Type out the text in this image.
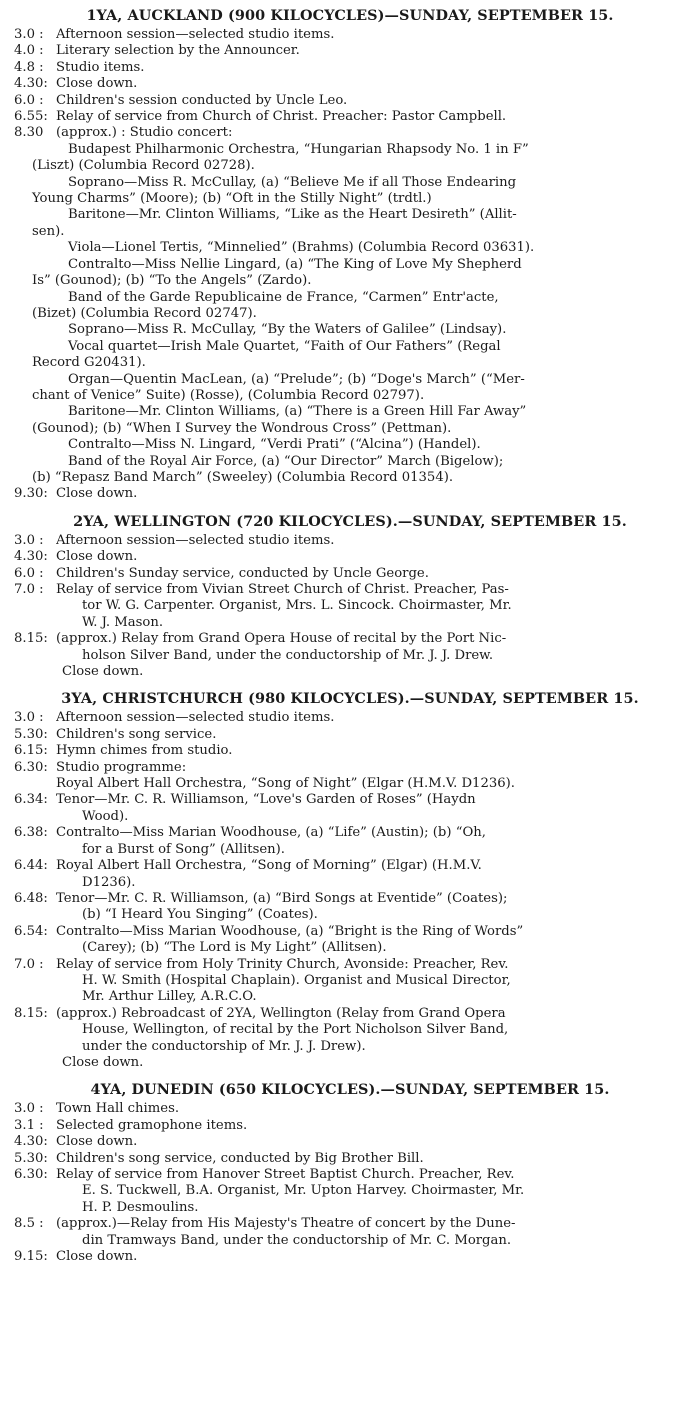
1YA, AUCKLAND (900 KILOCYCLES)—SUNDAY, SEPTEMBER 15.
3.0 : Afternoon session—selected studio items.
4.0 : Literary selection by the Announcer.
4.8 : Studio items.
4.30: Close down.
6.0 : Children's session conducted by Uncle Leo.
6.55: Relay of service from Church of Christ. Preacher: Pastor Campbell.
8.30 (approx.) : Studio concert:
Budapest Philharmonic Orchestra, “Hungarian Rhapsody No. 1 in F”
(Liszt) (Columbia Record 02728).
Soprano—Miss R. McCullay, (a) “Believe Me if all Those Endearing
Young Charms” (Moore); (b) “Oft in the Stilly Night” (trdtl.)
Baritone—Mr. Clinton Williams, “Like as the Heart Desireth” (Allit-
sen).
Viola—Lionel Tertis, “Minnelied” (Brahms) (Columbia Record 03631).
Contralto—Miss Nellie Lingard, (a) “The King of Love My Shepherd
Is” (Gounod); (b) “To the Angels” (Zardo).
Band of the Garde Republicaine de France, “Carmen” Entr'acte,
(Bizet) (Columbia Record 02747).
Soprano—Miss R. McCullay, “By the Waters of Galilee” (Lindsay).
Vocal quartet—Irish Male Quartet, “Faith of Our Fathers” (Regal
Record G20431).
Organ—Quentin MacLean, (a) “Prelude”; (b) “Doge's March” (“Mer-
chant of Venice” Suite) (Rosse), (Columbia Record 02797).
Baritone—Mr. Clinton Williams, (a) “There is a Green Hill Far Away”
(Gounod); (b) “When I Survey the Wondrous Cross” (Pettman).
Contralto—Miss N. Lingard, “Verdi Prati” (“Alcina”) (Handel).
Band of the Royal Air Force, (a) “Our Director” March (Bigelow);
(b) “Repasz Band March” (Sweeley) (Columbia Record 01354).
9.30: Close down.
2YA, WELLINGTON (720 KILOCYCLES).—SUNDAY, SEPTEMBER 15.
3.0 : Afternoon session—selected studio items.
4.30: Close down.
6.0 : Children's Sunday service, conducted by Uncle George.
7.0 : Relay of service from Vivian Street Church of Christ. Preacher, Pas-
tor W. G. Carpenter. Organist, Mrs. L. Sincock. Choirmaster, Mr.
W. J. Mason.
8.15: (approx.) Relay from Grand Opera House of recital by the Port Nic-
holson Silver Band, under the conductorship of Mr. J. J. Drew.
Close down.
3YA, CHRISTCHURCH (980 KILOCYCLES).—SUNDAY, SEPTEMBER 15.
3.0 : Afternoon session—selected studio items.
5.30: Children's song service.
6.15: Hymn chimes from studio.
6.30: Studio programme:
Royal Albert Hall Orchestra, “Song of Night” (Elgar (H.M.V. D1236).
6.34: Tenor—Mr. C. R. Williamson, “Love's Garden of Roses” (Haydn
Wood).
6.38: Contralto—Miss Marian Woodhouse, (a) “Life” (Austin); (b) “Oh,
for a Burst of Song” (Allitsen).
6.44: Royal Albert Hall Orchestra, “Song of Morning” (Elgar) (H.M.V.
D1236).
6.48: Tenor—Mr. C. R. Williamson, (a) “Bird Songs at Eventide” (Coates);
(b) “I Heard You Singing” (Coates).
6.54: Contralto—Miss Marian Woodhouse, (a) “Bright is the Ring of Words”
(Carey); (b) “The Lord is My Light” (Allitsen).
7.0 : Relay of service from Holy Trinity Church, Avonside: Preacher, Rev.
H. W. Smith (Hospital Chaplain). Organist and Musical Director,
Mr. Arthur Lilley, A.R.C.O.
8.15: (approx.) Rebroadcast of 2YA, Wellington (Relay from Grand Opera
House, Wellington, of recital by the Port Nicholson Silver Band,
under the conductorship of Mr. J. J. Drew).
Close down.
4YA, DUNEDIN (650 KILOCYCLES).—SUNDAY, SEPTEMBER 15.
3.0 : Town Hall chimes.
3.1 : Selected gramophone items.
4.30: Close down.
5.30: Children's song service, conducted by Big Brother Bill.
6.30: Relay of service from Hanover Street Baptist Church. Preacher, Rev.
E. S. Tuckwell, B.A. Organist, Mr. Upton Harvey. Choirmaster, Mr.
H. P. Desmoulins.
8.5 : (approx.)—Relay from His Majesty's Theatre of concert by the Dune-
din Tramways Band, under the conductorship of Mr. C. Morgan.
9.15: Close down.
